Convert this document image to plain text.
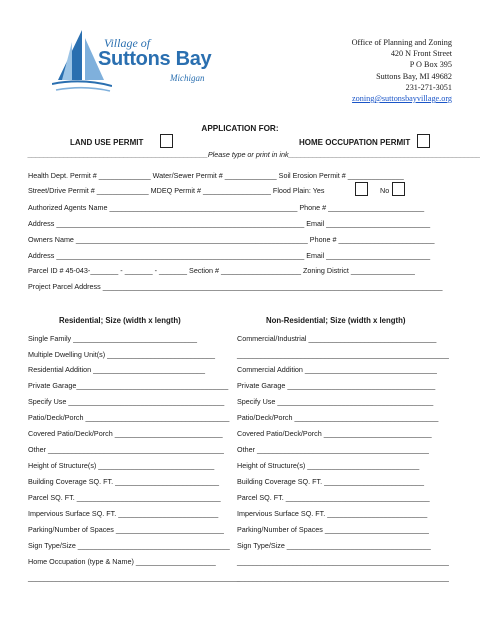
Village of
Suttons Bay
Michigan
Office of Planning and Zoning
420 N Front Street
P O Box 395
Suttons Bay, MI 49682
231-271-3051
zoning@suttonsbayvillage.org
APPLICATION FOR:
LAND USE PERMIT	HOME OCCUPATION PERMIT
_____________________________________________Please type or print in ink________________________________________________
Health Dept. Permit # _____________ Water/Sewer Permit # _____________ Soil Erosion Permit # ______________
Street/Drive Permit # _____________ MDEQ Permit # _________________ Flood Plain: Yes	No
Authorized Agents Name _______________________________________________ Phone # ________________________
Address ______________________________________________________________ Email __________________________
Owners Name __________________________________________________________ Phone # ________________________
Address ______________________________________________________________ Email __________________________
Parcel ID # 45-043-_______ - _______ - _______ Section # ____________________ Zoning District ________________
Project Parcel Address _____________________________________________________________________________________
Residential; Size (width x length)	Non-Residential; Size (width x length)
Single Family _______________________________
Multiple Dwelling Unit(s) ___________________________
Residential Addition ____________________________
Private Garage______________________________________
Specify Use _______________________________________
Patio/Deck/Porch ____________________________________
Covered Patio/Deck/Porch ___________________________
Other ____________________________________________
Height of Structure(s) _____________________________
Building Coverage SQ. FT. __________________________
Parcel SQ. FT. ____________________________________
Impervious Surface SQ. FT. _________________________
Parking/Number of Spaces ___________________________
Sign Type/Size ______________________________________
Home Occupation (type & Name) ____________________
_____________________________________________________
Commercial/Industrial ________________________________
_____________________________________________________
Commercial Addition _________________________________
Private Garage _____________________________________
Specify Use _______________________________________
Patio/Deck/Porch ____________________________________
Covered Patio/Deck/Porch ___________________________
Other ___________________________________________
Height of Structure(s) ____________________________
Building Coverage SQ. FT. _________________________
Parcel SQ. FT. ____________________________________
Impervious Surface SQ. FT. _________________________
Parking/Number of Spaces __________________________
Sign Type/Size ____________________________________
_____________________________________________________
_____________________________________________________
